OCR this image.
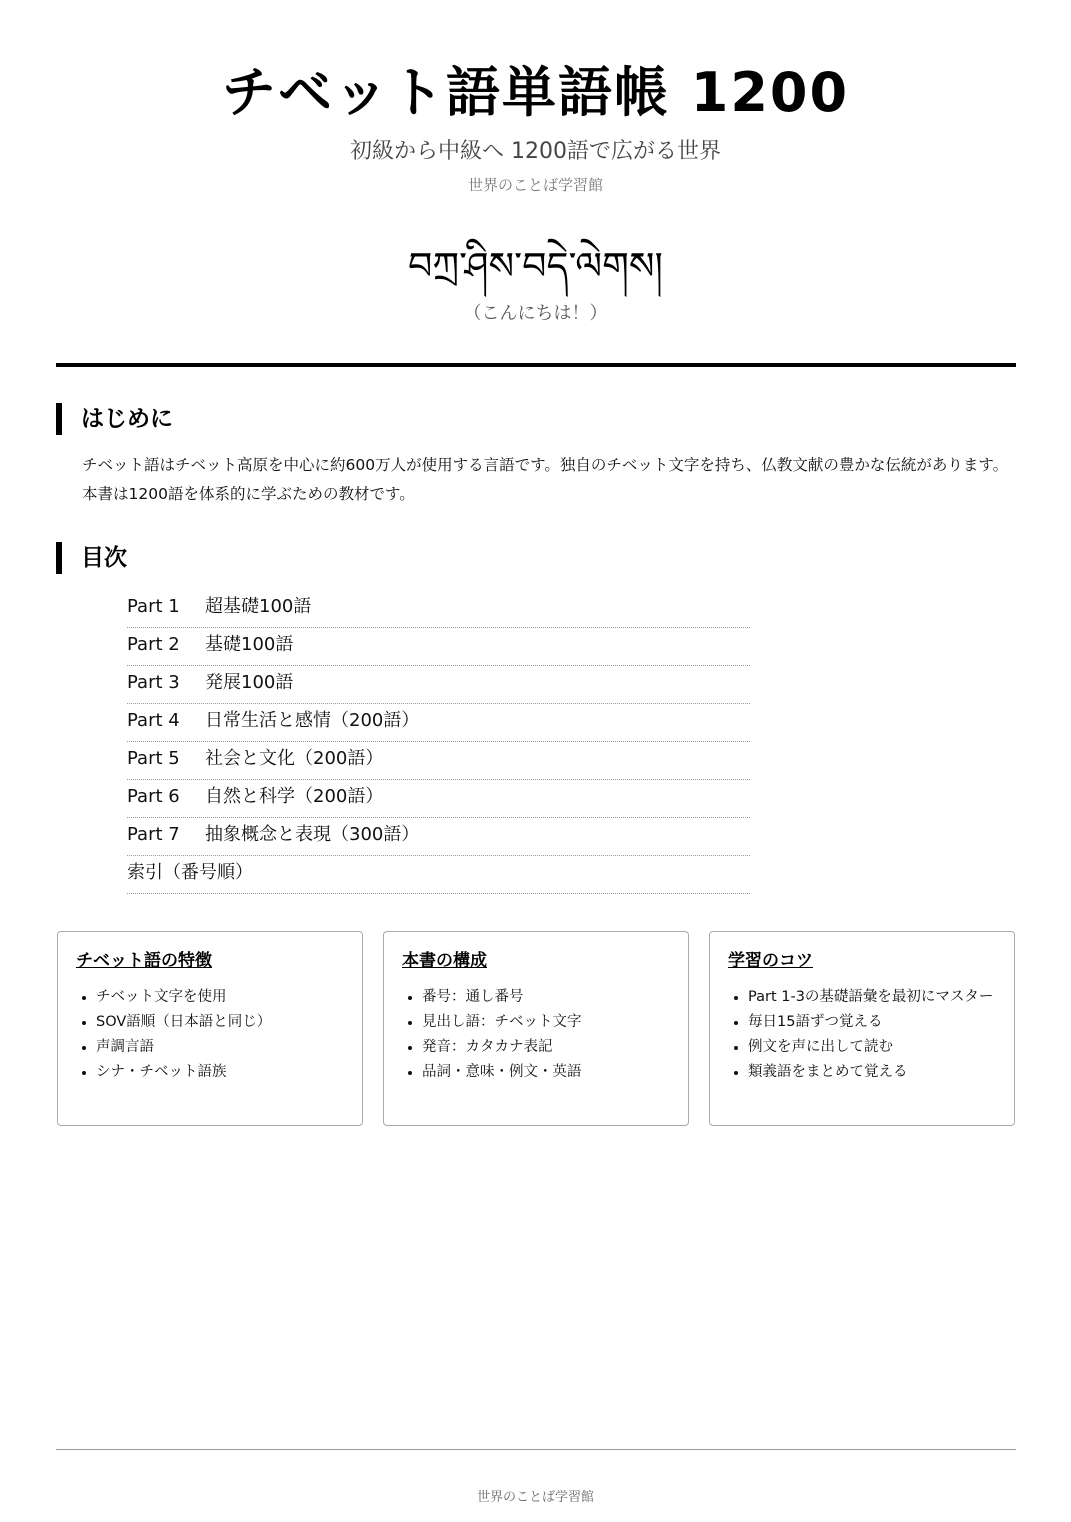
チベット語単語帳 1200
初級から中級へ 1200語で広がる世界
世界のことば学習館
བཀྲ་ཤིས་བདེ་ལེགས།
（こんにちは！）
はじめに
チベット語はチベット高原を中心に約600万人が使用する言語です。独自のチベット文字を持ち、仏教文献の豊かな伝統があります。本書は1200語を体系的に学ぶための教材です。
目次
Part 1 超基礎100語
Part 2 基礎100語
Part 3 発展100語
Part 4 日常生活と感情（200語）
Part 5 社会と文化（200語）
Part 6 自然と科学（200語）
Part 7 抽象概念と表現（300語）
索引（番号順）
チベット語の特徴
• チベット文字を使用
• SOV語順（日本語と同じ）
• 声調言語
• シナ・チベット語族
本書の構成
• 番号：通し番号
• 見出し語：チベット文字
• 発音：カタカナ表記
• 品詞・意味・例文・英語
学習のコツ
• Part 1-3の基礎語彙を最初にマスター
• 毎日15語ずつ覚える
• 例文を声に出して読む
• 類義語をまとめて覚える
世界のことば学習館
